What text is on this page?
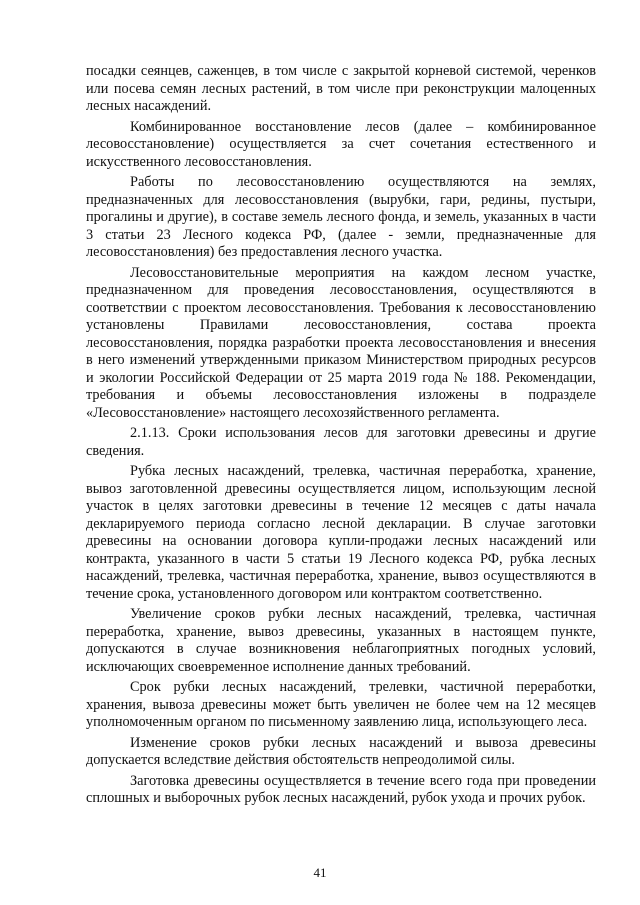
посадки сеянцев, саженцев, в том числе с закрытой корневой системой, черенков или посева семян лесных растений, в том числе при реконструкции малоценных лесных насаждений.

Комбинированное восстановление лесов (далее – комбинированное лесовосстановление) осуществляется за счет сочетания естественного и искусственного лесовосстановления.

Работы по лесовосстановлению осуществляются на землях, предназначенных для лесовосстановления (вырубки, гари, редины, пустыри, прогалины и другие), в составе земель лесного фонда, и земель, указанных в части 3 статьи 23 Лесного кодекса РФ, (далее - земли, предназначенные для лесовосстановления) без предоставления лесного участка.

Лесовосстановительные мероприятия на каждом лесном участке, предназначенном для проведения лесовосстановления, осуществляются в соответствии с проектом лесовосстановления. Требования к лесовосстановлению установлены Правилами лесовосстановления, состава проекта лесовосстановления, порядка разработки проекта лесовосстановления и внесения в него изменений утвержденными приказом Министерством природных ресурсов и экологии Российской Федерации от 25 марта 2019 года № 188. Рекомендации, требования и объемы лесовосстановления изложены в подразделе «Лесовосстановление» настоящего лесохозяйственного регламента.

2.1.13. Сроки использования лесов для заготовки древесины и другие сведения.

Рубка лесных насаждений, трелевка, частичная переработка, хранение, вывоз заготовленной древесины осуществляется лицом, использующим лесной участок в целях заготовки древесины в течение 12 месяцев с даты начала декларируемого периода согласно лесной декларации. В случае заготовки древесины на основании договора купли-продажи лесных насаждений или контракта, указанного в части 5 статьи 19 Лесного кодекса РФ, рубка лесных насаждений, трелевка, частичная переработка, хранение, вывоз осуществляются в течение срока, установленного договором или контрактом соответственно.

Увеличение сроков рубки лесных насаждений, трелевка, частичная переработка, хранение, вывоз древесины, указанных в настоящем пункте, допускаются в случае возникновения неблагоприятных погодных условий, исключающих своевременное исполнение данных требований.

Срок рубки лесных насаждений, трелевки, частичной переработки, хранения, вывоза древесины может быть увеличен не более чем на 12 месяцев уполномоченным органом по письменному заявлению лица, использующего леса.

Изменение сроков рубки лесных насаждений и вывоза древесины допускается вследствие действия обстоятельств непреодолимой силы.

Заготовка древесины осуществляется в течение всего года при проведении сплошных и выборочных рубок лесных насаждений, рубок ухода и прочих рубок.

41
